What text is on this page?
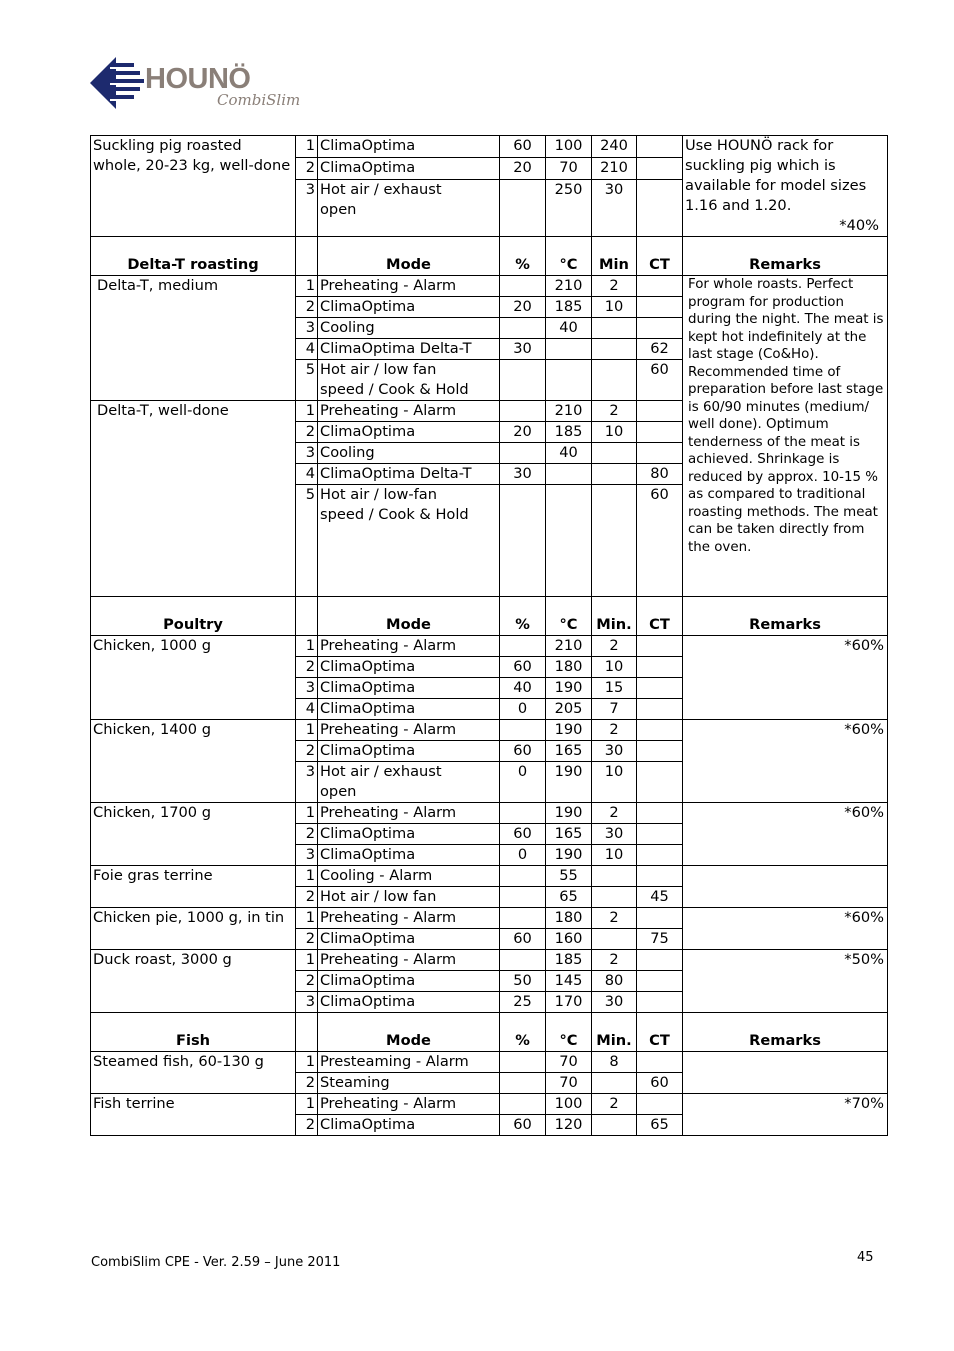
HOUNÖ
CombiSlim
Suckling pig roasted whole, 20-23 kg, well-done	1	ClimaOptima	60	100	240		Use HOUNÖ rack for suckling pig which is available for model sizes 1.16 and 1.20.
*40%

	2	ClimaOptima	20	70	210		
	3	Hot air / exhaust
open		250	30		
Delta-T roasting		Mode	%	°C	Min	CT	Remarks
Delta-T, medium	1	Preheating - Alarm		210	2		For whole roasts. Perfect program for production during the night. The meat is kept hot indefinitely at the last stage (Co&Ho). Recommended time of preparation before last stage is 60/90 minutes (medium/ well done). Optimum tenderness of the meat is achieved. Shrinkage is reduced by approx. 10-15 % as compared to traditional roasting methods. The meat can be taken directly from the oven.
	2	ClimaOptima	20	185	10		
	3	Cooling		40			
	4	ClimaOptima Delta-T	30			62	
	5	Hot air / low fan
speed / Cook & Hold				60	
Delta-T, well-done	1	Preheating - Alarm		210	2		
	2	ClimaOptima	20	185	10		
	3	Cooling		40			
	4	ClimaOptima Delta-T	30			80	
	5	Hot air / low-fan
speed / Cook & Hold				60	
Poultry		Mode	%	°C	Min.	CT	Remarks
Chicken, 1000 g	1	Preheating - Alarm		210	2		*60%

	2	ClimaOptima	60	180	10		
	3	ClimaOptima	40	190	15		
	4	ClimaOptima	0	205	7		
Chicken, 1400 g	1	Preheating - Alarm		190	2		*60%

	2	ClimaOptima	60	165	30		
	3	Hot air / exhaust
open	0	190	10		
Chicken, 1700 g	1	Preheating - Alarm		190	2		*60%

	2	ClimaOptima	60	165	30		
	3	ClimaOptima	0	190	10		
Foie gras terrine	1	Cooling - Alarm		55			
	2	Hot air / low fan		65		45	
Chicken pie, 1000 g, in tin	1	Preheating - Alarm		180	2		*60%

	2	ClimaOptima	60	160		75	
Duck roast, 3000 g	1	Preheating - Alarm		185	2		*50%

	2	ClimaOptima	50	145	80		
	3	ClimaOptima	25	170	30		
Fish		Mode	%	°C	Min.	CT	Remarks
Steamed fish, 60-130 g	1	Presteaming - Alarm		70	8		
	2	Steaming		70		60	
Fish terrine	1	Preheating - Alarm		100	2		*70%

	2	ClimaOptima	60	120		65	
CombiSlim CPE - Ver. 2.59 – June 2011	45
